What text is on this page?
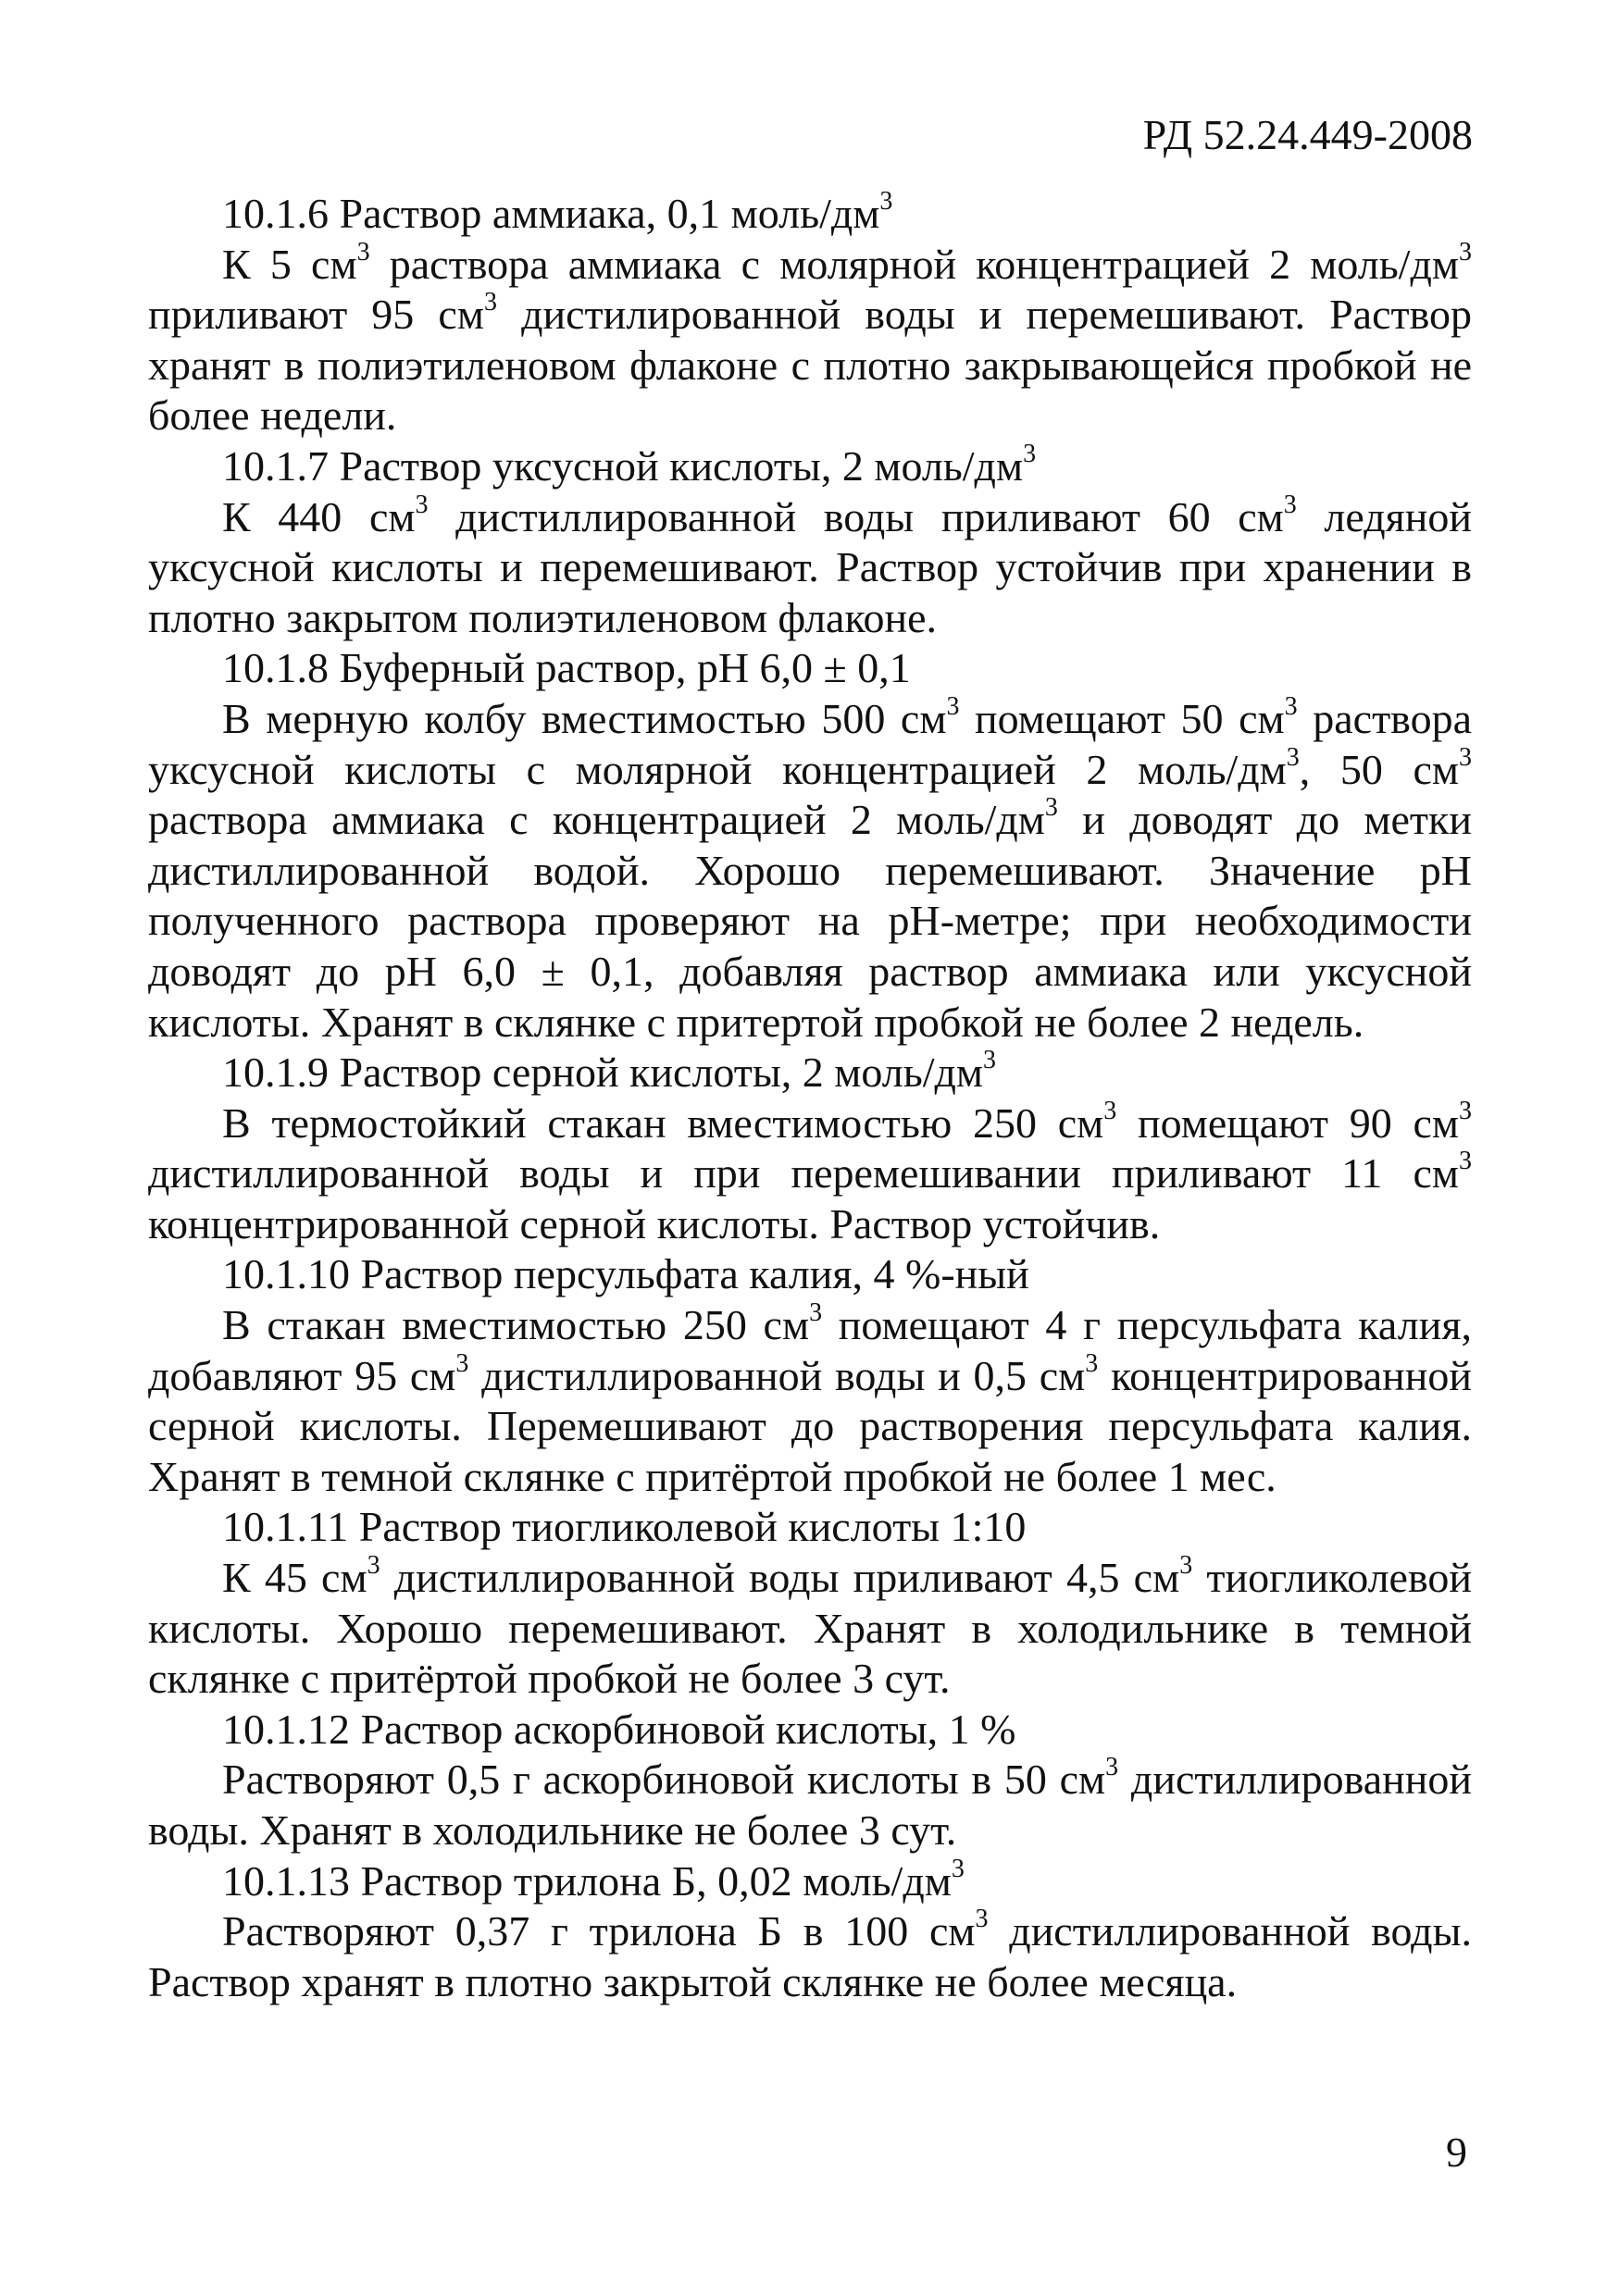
РД 52.24.449-2008

10.1.6 Раствор аммиака, 0,1 моль/$дм^3$

К 5 $см^3$ раствора аммиака с молярной концентрацией 2 моль/$дм^3$ приливают 95 $см^3$ дистилированной воды и перемешивают. Раствор хранят в полиэтиленовом флаконе с плотно закрывающейся пробкой не более недели.

10.1.7 Раствор уксусной кислоты, 2 моль/$дм^3$

К 440 $см^3$ дистиллированной воды приливают 60 $см^3$ ледяной уксусной кислоты и перемешивают. Раствор устойчив при хранении в плотно закрытом полиэтиленовом флаконе.

10.1.8 Буферный раствор, pH 6,0 ± 0,1

В мерную колбу вместимостью 500 $см^3$ помещают 50 $см^3$ раствора уксусной кислоты с молярной концентрацией 2 моль/$дм^3$, 50 $см^3$ раствора аммиака с концентрацией 2 моль/$дм^3$ и доводят до метки дистиллированной водой. Хорошо перемешивают. Значение pH полученного раствора проверяют на pH-метре; при необходимости доводят до pH 6,0 ± 0,1, добавляя раствор аммиака или уксусной кислоты. Хранят в склянке с притертой пробкой не более 2 недель.

10.1.9 Раствор серной кислоты, 2 моль/$дм^3$

В термостойкий стакан вместимостью 250 $см^3$ помещают 90 $см^3$ дистиллированной воды и при перемешивании приливают 11 $см^3$ концентрированной серной кислоты. Раствор устойчив.

10.1.10 Раствор персульфата калия, 4 %-ный

В стакан вместимостью 250 $см^3$ помещают 4 г персульфата калия, добавляют 95 $см^3$ дистиллированной воды и 0,5 $см^3$ концентрированной серной кислоты. Перемешивают до растворения персульфата калия. Хранят в темной склянке с притёртой пробкой не более 1 мес.

10.1.11 Раствор тиогликолевой кислоты 1:10

К 45 $см^3$ дистиллированной воды приливают 4,5 $см^3$ тиогликолевой кислоты. Хорошо перемешивают. Хранят в холодильнике в темной склянке с притёртой пробкой не более 3 сут.

10.1.12 Раствор аскорбиновой кислоты, 1 %

Растворяют 0,5 г аскорбиновой кислоты в 50 $см^3$ дистиллированной воды. Хранят в холодильнике не более 3 сут.

10.1.13 Раствор трилона Б, 0,02 моль/$дм^3$

Растворяют 0,37 г трилона Б в 100 $см^3$ дистиллированной воды. Раствор хранят в плотно закрытой склянке не более месяца.

9
